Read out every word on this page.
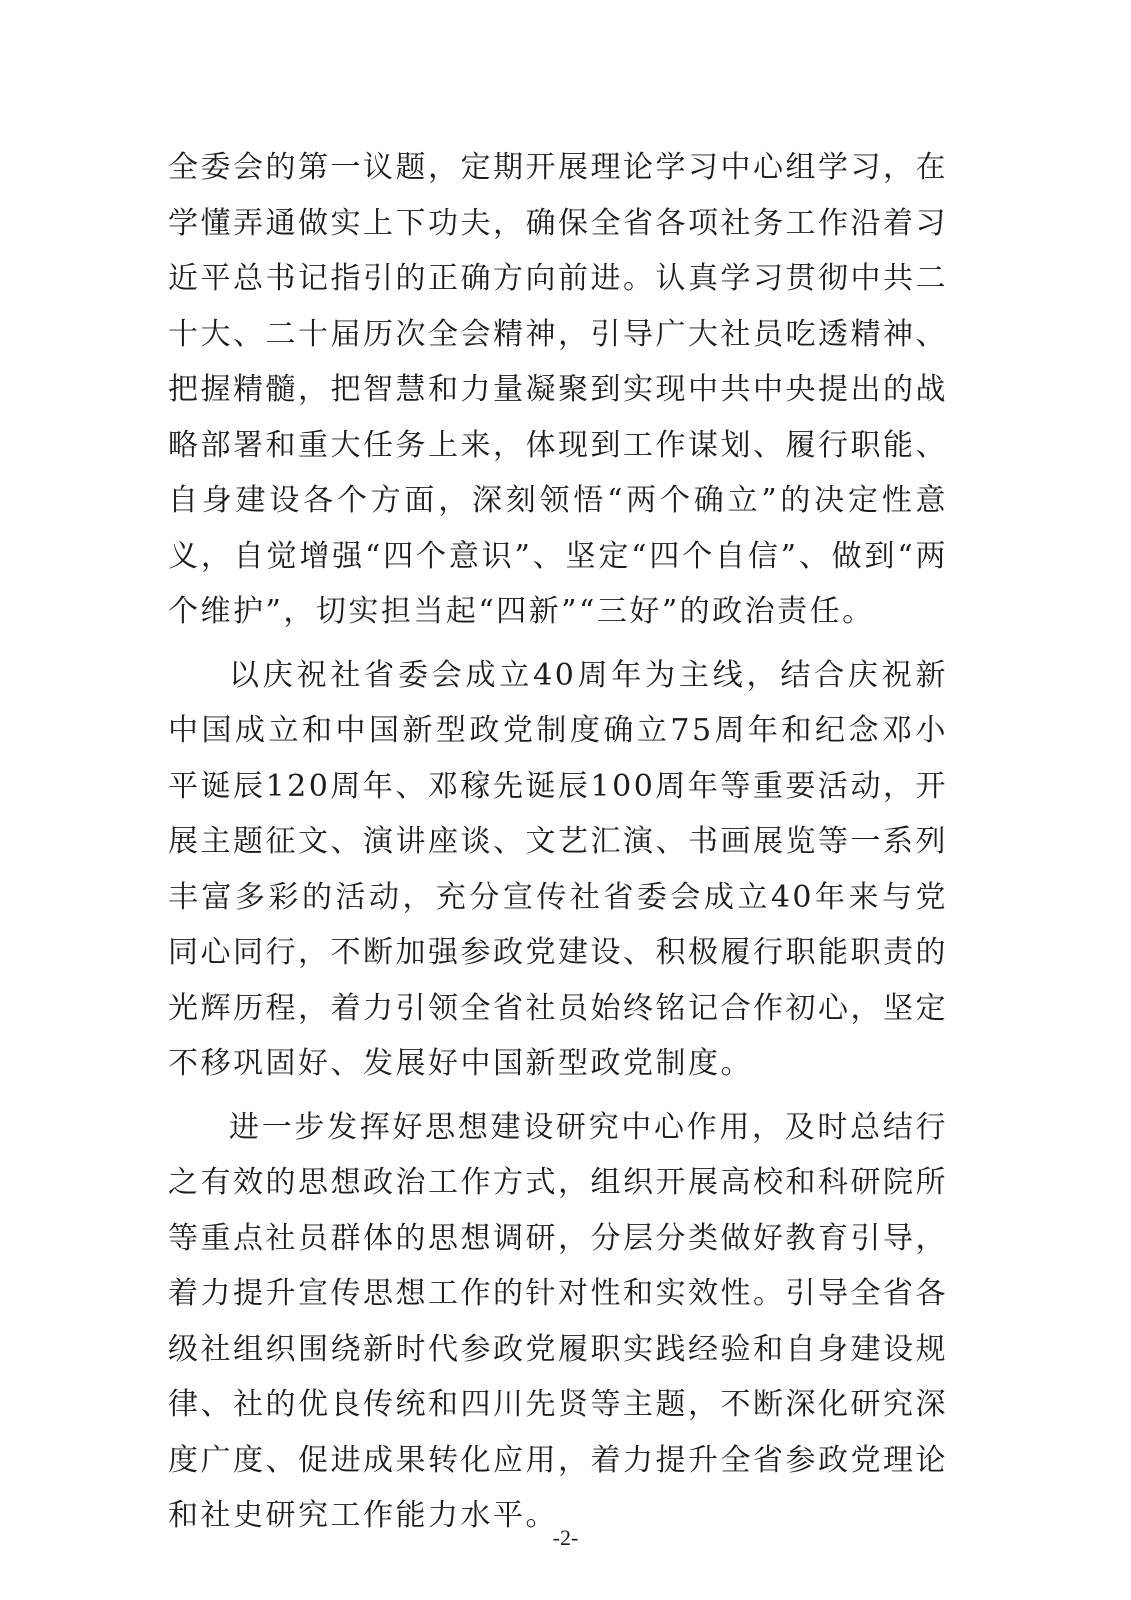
全委会的第一议题，定期开展理论学习中心组学习，在学懂弄通做实上下功夫，确保全省各项社务工作沿着习近平总书记指引的正确方向前进。认真学习贯彻中共二十大、二十届历次全会精神，引导广大社员吃透精神、把握精髓，把智慧和力量凝聚到实现中共中央提出的战略部署和重大任务上来，体现到工作谋划、履行职能、自身建设各个方面，深刻领悟“两个确立”的决定性意义，自觉增强“四个意识”、坚定“四个自信”、做到“两个维护”，切实担当起“四新”“三好”的政治责任。

以庆祝社省委会成立40周年为主线，结合庆祝新中国成立和中国新型政党制度确立75周年和纪念邓小平诞辰120周年、邓稼先诞辰100周年等重要活动，开展主题征文、演讲座谈、文艺汇演、书画展览等一系列丰富多彩的活动，充分宣传社省委会成立40年来与党同心同行，不断加强参政党建设、积极履行职能职责的光辉历程，着力引领全省社员始终铭记合作初心，坚定不移巩固好、发展好中国新型政党制度。

进一步发挥好思想建设研究中心作用，及时总结行之有效的思想政治工作方式，组织开展高校和科研院所等重点社员群体的思想调研，分层分类做好教育引导，着力提升宣传思想工作的针对性和实效性。引导全省各级社组织围绕新时代参政党履职实践经验和自身建设规律、社的优良传统和四川先贤等主题，不断深化研究深度广度、促进成果转化应用，着力提升全省参政党理论和社史研究工作能力水平。

-2-
